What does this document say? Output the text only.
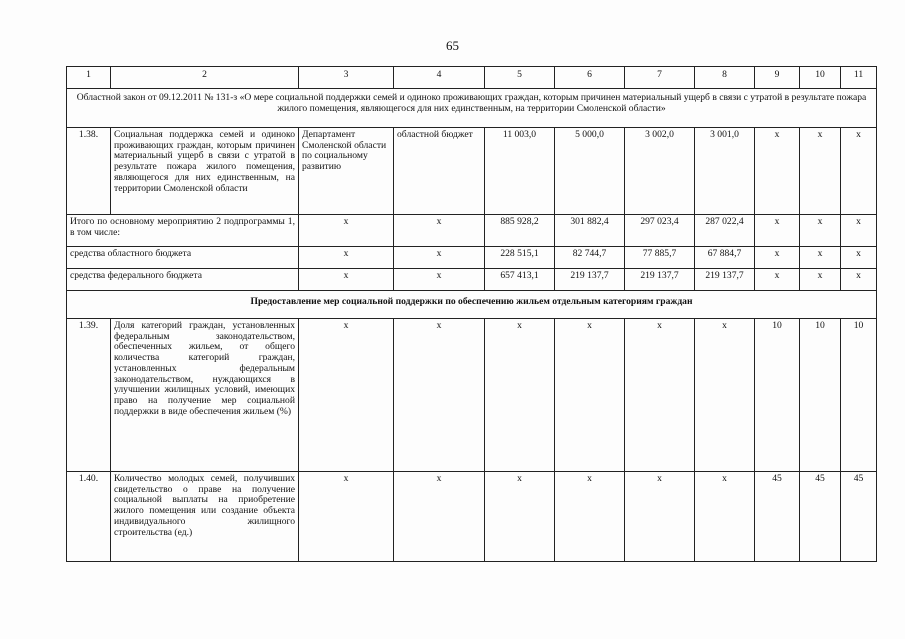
65
1	2	3	4	5	6	7	8	9	10	11
Областной закон от 09.12.2011 № 131-з «О мере социальной поддержки семей и одиноко проживающих граждан, которым причинен материальный ущерб в связи с утратой в результате пожара жилого помещения, являющегося для них единственным, на территории Смоленской области»										
1.38.	Социальная поддержка семей и одиноко проживающих граждан, которым причинен материальный ущерб в связи с утратой в результате пожара жилого помещения, являющегося для них единственным, на территории Смоленской области	Департамент Смоленской области по социальному развитию	областной бюджет	11 003,0	5 000,0	3 002,0	3 001,0	х	х	х
Итого по основному мероприятию 2 подпрограммы 1, в том числе:		х	х	885 928,2	301 882,4	297 023,4	287 022,4	х	х	х
средства областного бюджета		х	х	228 515,1	82 744,7	77 885,7	67 884,7	х	х	х
средства федерального бюджета		х	х	657 413,1	219 137,7	219 137,7	219 137,7	х	х	х
Предоставление мер социальной поддержки по обеспечению жильем отдельным категориям граждан										
1.39.	Доля категорий граждан, установленных федеральным законодательством, обеспеченных жильем, от общего количества категорий граждан, установленных федеральным законодательством, нуждающихся в улучшении жилищных условий, имеющих право на получение мер социальной поддержки в виде обеспечения жильем (%)	х	х	х	х	х	х	10	10	10
1.40.	Количество молодых семей, получивших свидетельство о праве на получение социальной выплаты на приобретение жилого помещения или создание объекта индивидуального жилищного строительства (ед.)	х	х	х	х	х	х	45	45	45
